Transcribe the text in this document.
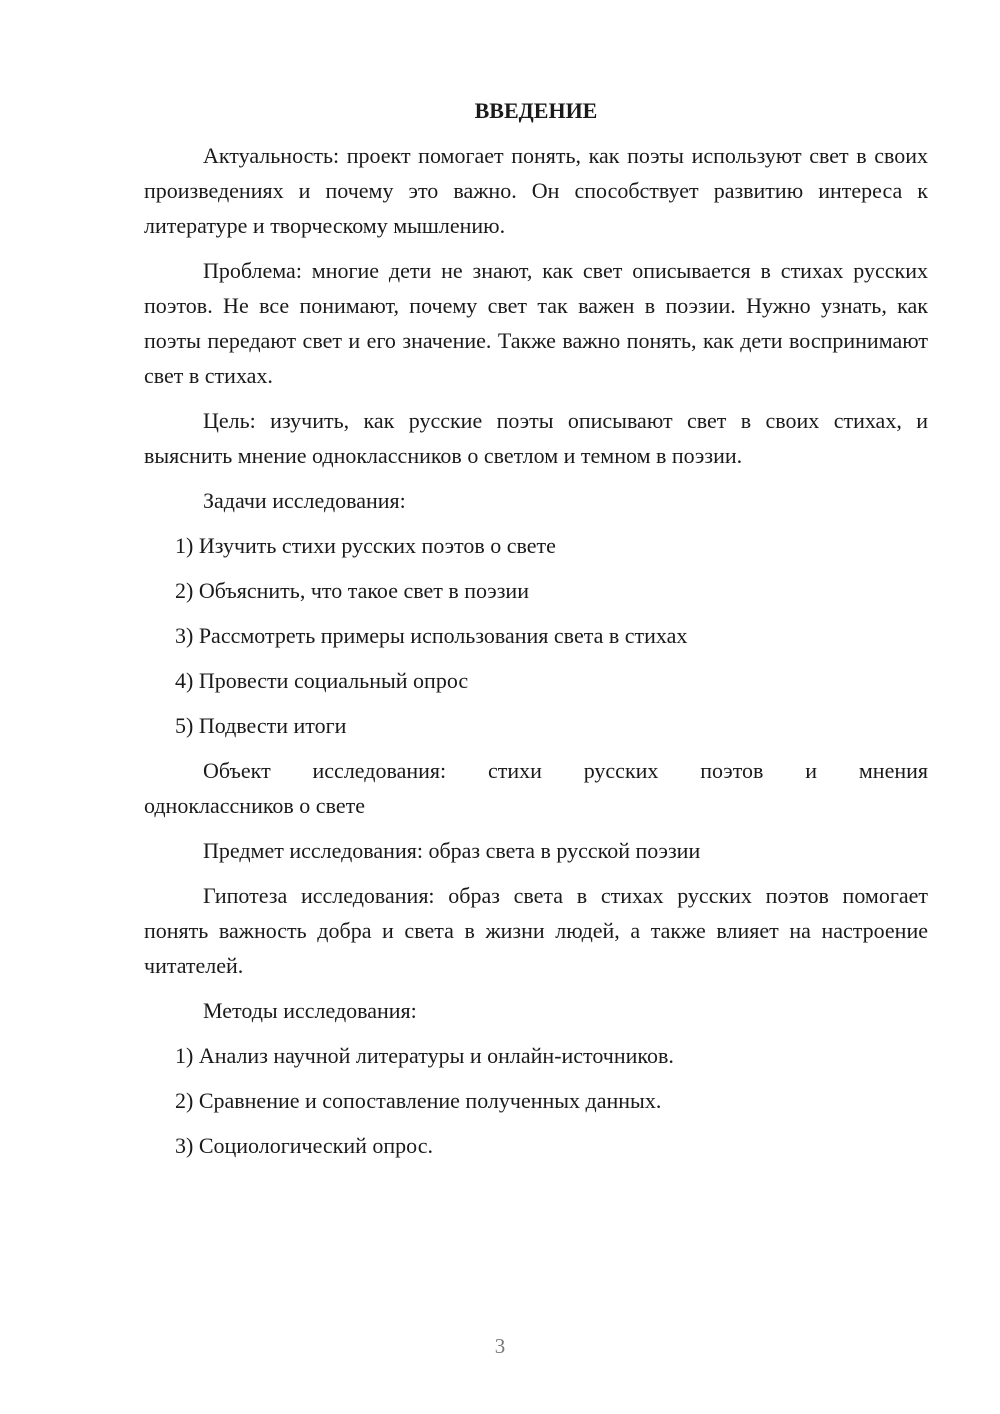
ВВЕДЕНИЕ

Актуальность: проект помогает понять, как поэты используют свет в своих произведениях и почему это важно. Он способствует развитию интереса к литературе и творческому мышлению.

Проблема: многие дети не знают, как свет описывается в стихах русских поэтов. Не все понимают, почему свет так важен в поэзии. Нужно узнать, как поэты передают свет и его значение. Также важно понять, как дети воспринимают свет в стихах.

Цель: изучить, как русские поэты описывают свет в своих стихах, и выяснить мнение одноклассников о светлом и темном в поэзии.

Задачи исследования:

1) Изучить стихи русских поэтов о свете
2) Объяснить, что такое свет в поэзии
3) Рассмотреть примеры использования света в стихах
4) Провести социальный опрос
5) Подвести итоги
Объект исследования: стихи русских поэтов и мнения
одноклассников о свете

Предмет исследования: образ света в русской поэзии

Гипотеза исследования: образ света в стихах русских поэтов помогает понять важность добра и света в жизни людей, а также влияет на настроение читателей.

Методы исследования:

1) Анализ научной литературы и онлайн-источников.
2) Сравнение и сопоставление полученных данных.
3) Социологический опрос.
3
